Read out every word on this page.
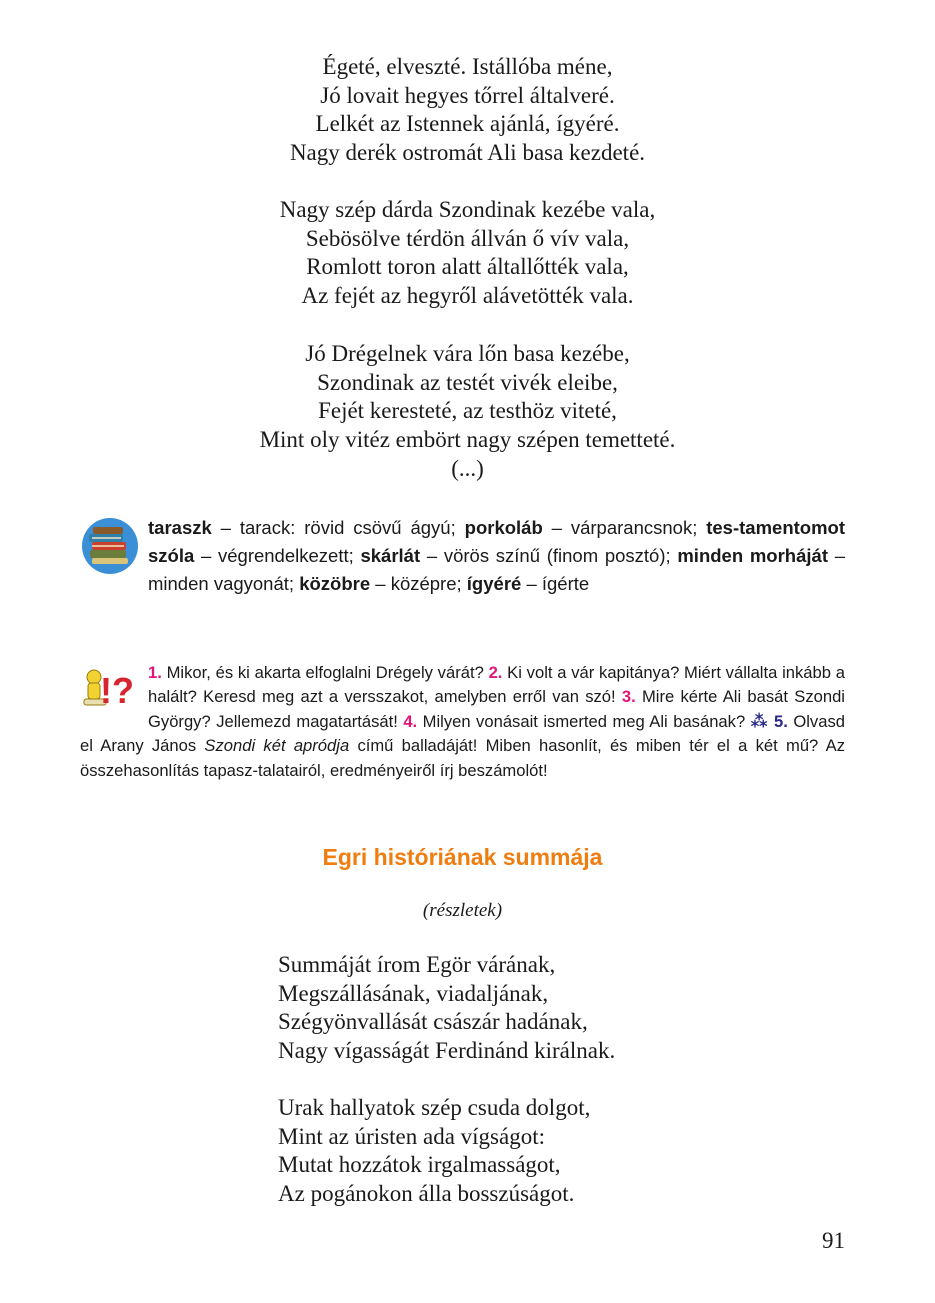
Égeté, elveszté. Istállóba méne,
Jó lovait hegyes tőrrel általveré.
Lelkét az Istennek ajánlá, ígyéré.
Nagy derék ostromát Ali basa kezdeté.
Nagy szép dárda Szondinak kezébe vala,
Sebösölve térdön állván ő vív vala,
Romlott toron alatt általlőtték vala,
Az fejét az hegyről alávetötték vala.
Jó Drégelnek vára lőn basa kezébe,
Szondinak az testét vivék eleibe,
Fejét keresteté, az testhöz viteté,
Mint oly vitéz embört nagy szépen temetteté.
(...)
taraszk – tarack: rövid csövű ágyú; porkoláb – várparancsnok; tes-tamentomot szóla – végrendelkezett; skárlát – vörös színű (finom posztó); minden morháját – minden vagyonát; közöbre – középre; ígyéré – ígérte
! ? 1. Mikor, és ki akarta elfoglalni Drégely várát? 2. Ki volt a vár kapitánya? Miért vállalta inkább a halált? Keresd meg azt a versszakot, amelyben erről van szó! 3. Mire kérte Ali basát Szondi György? Jellemezd magatartását! 4. Milyen vonásait ismerted meg Ali basának? ⁂ 5. Olvasd el Arany János Szondi két apródja című balladáját! Miben hasonlít, és miben tér el a két mű? Az összehasonlítás tapasz-talatairól, eredményeiről írj beszámolót!
Egri históriának summája
(részletek)
Summáját írom Egör várának,
Megszállásának, viadaljának,
Szégyönvallását császár hadának,
Nagy vígasságát Ferdinánd királnak.
Urak hallyatok szép csuda dolgot,
Mint az úristen ada vígságot:
Mutat hozzátok irgalmasságot,
Az pogánokon álla bosszúságot.
91
